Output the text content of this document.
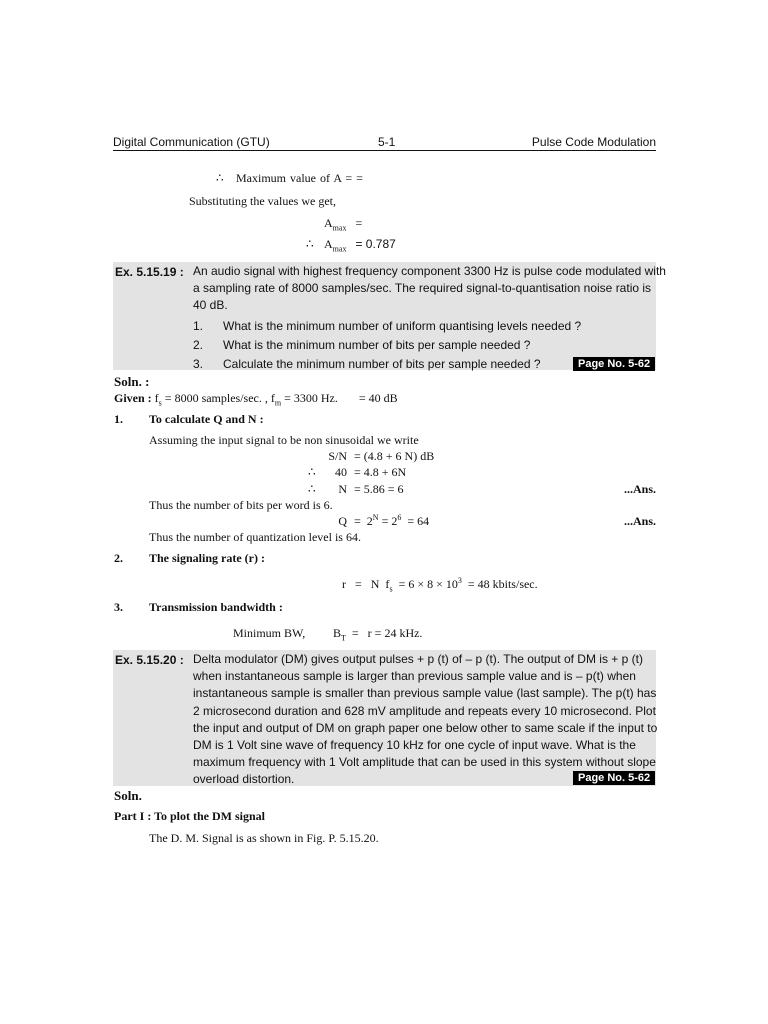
Digital Communication (GTU)	5-1	Pulse Code Modulation
∴ Maximum value of A = =
Substituting the values we get,
$A_{max}$ =
∴ $A_{max} = 0.787$
Ex. 5.15.19 : An audio signal with highest frequency component 3300 Hz is pulse code modulated with
a sampling rate of 8000 samples/sec. The required signal-to-quantisation noise ratio is
40 dB.
1. What is the minimum number of uniform quantising levels needed ?
2. What is the minimum number of bits per sample needed ?
3. Calculate the minimum number of bits per sample needed ?	Page No. 5-62
Soln. :
Given : $f_s = 8000$ samples/sec. , $f_m = 3300$ Hz.       = 40 dB
1. To calculate Q and N :
Assuming the input signal to be non sinusoidal we write
S/N = (4.8 + 6 N) dB
∴ 40 = 4.8 + 6N
∴ N = 5.86 = 6	...Ans.
Thus the number of bits per word is 6.
$Q = 2^N = 2^6 = 64$	...Ans.
Thus the number of quantization level is 64.
2. The signaling rate (r) :
r   =   N  $f_s = 6 \times 8 \times 10^3 = 48$ kbits/sec.
3. Transmission bandwidth :
Minimum BW, $B_T = r = 24$ kHz.
Ex. 5.15.20 : Delta modulator (DM) gives output pulses + p (t) of – p (t). The output of DM is + p (t)
when instantaneous sample is larger than previous sample value and is – p(t) when
instantaneous sample is smaller than previous sample value (last sample). The p(t) has
2 microsecond duration and 628 mV amplitude and repeats every 10 microsecond. Plot
the input and output of DM on graph paper one below other to same scale if the input to
DM is 1 Volt sine wave of frequency 10 kHz for one cycle of input wave. What is the
maximum frequency with 1 Volt amplitude that can be used in this system without slope
overload distortion.	Page No. 5-62
Soln.
Part I : To plot the DM signal
The D. M. Signal is as shown in Fig. P. 5.15.20.
